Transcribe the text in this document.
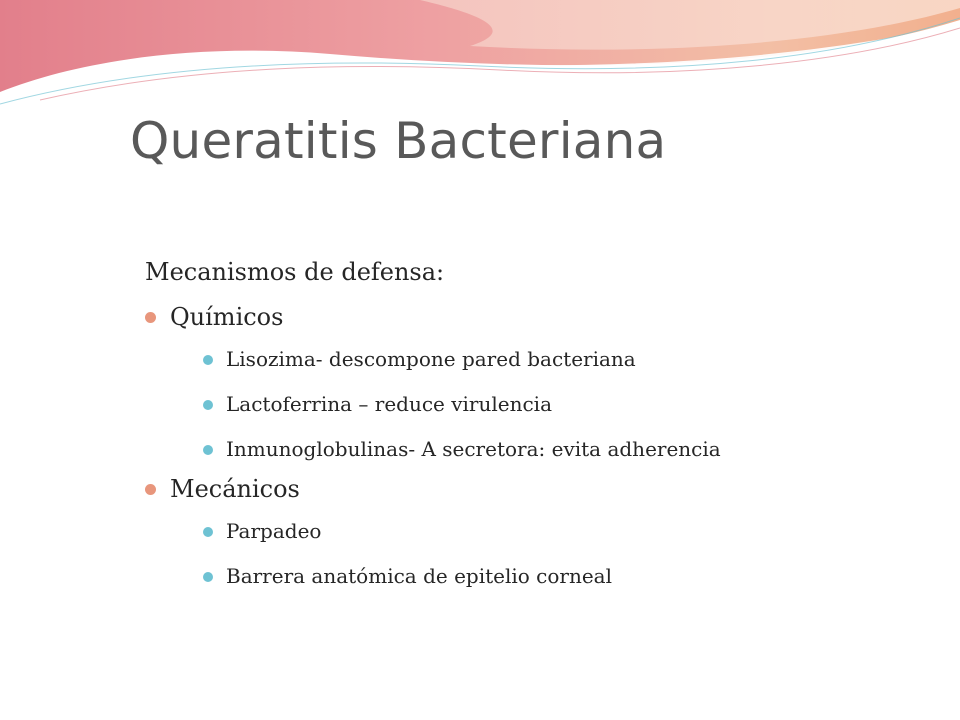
Queratitis Bacteriana

Mecanismos de defensa:

Químicos
Lisozima- descompone pared bacteriana
Lactoferrina – reduce virulencia
Inmunoglobulinas- A secretora: evita adherencia
Mecánicos
Parpadeo
Barrera anatómica de epitelio corneal
